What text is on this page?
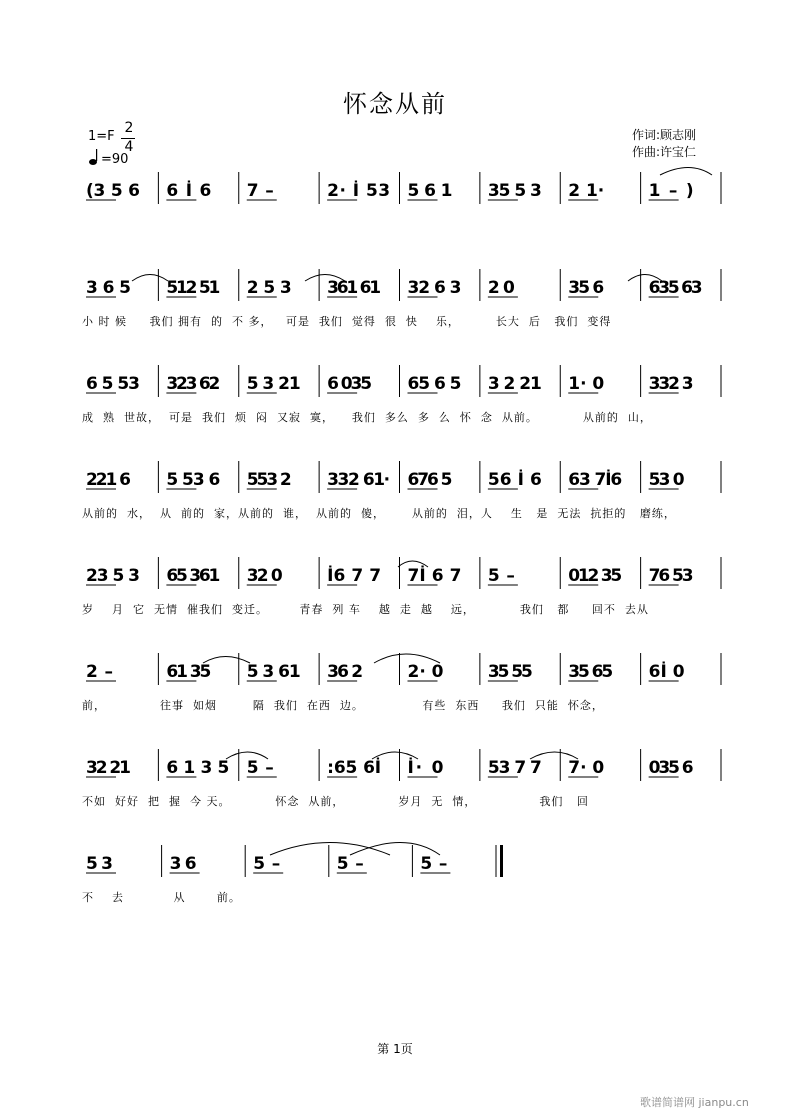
怀念从前
1=F
2
4
=90
作词:顾志刚
作曲:许宝仁
(3 5 6 6 İ 6 7 –	2· İ 53 5 6 1 35 5 3 2 1·	1 – )
3 6 5 512 51 2 5 3 361 61 32 6 3 2 0	35 6	635 63
6 5 53 323 62 5 3 21 6 035 65 6 5 3 2 21 1· 0	332 3
221 6 5 53 6 553 2 332 61· 676 5 56 İ 6 63 7İ6 53 0
23 5 3 65 361 32 0	İ6 7 7 7İ 6 7 5 –	012 35 76 53
2 –	61 35 5 3 61 36 2	2· 0	35 55 35 65 6İ 0
32 21 6 1 3 5 5 –	:65 6İ İ· 0	53 7 7 7· 0	035 6
5 3	3 6	5 –	5 –	5 –
小 时 候     我们 拥有  的  不 多，   可是  我们  觉得  很  快    乐，        长大  后   我们  变得
成  熟  世故，  可是  我们  烦  闷  又寂  寞，    我们  多么  多  么  怀  念  从前。          从前的  山，
从前的  水，  从  前的  家，从前的  谁，  从前的  傻，      从前的  泪，人    生   是  无法  抗拒的   磨练，
岁    月  它  无情  催我们  变迁。       青春  列 车    越  走  越    远，          我们   都     回不  去从
前，            往事  如烟        隔  我们  在西  边。             有些  东西     我们  只能  怀念，
不如  好好  把  握  今 天。          怀念  从前，            岁月  无  情，              我们   回
不    去           从       前。
第 1页
歌谱简谱网 jianpu.cn
